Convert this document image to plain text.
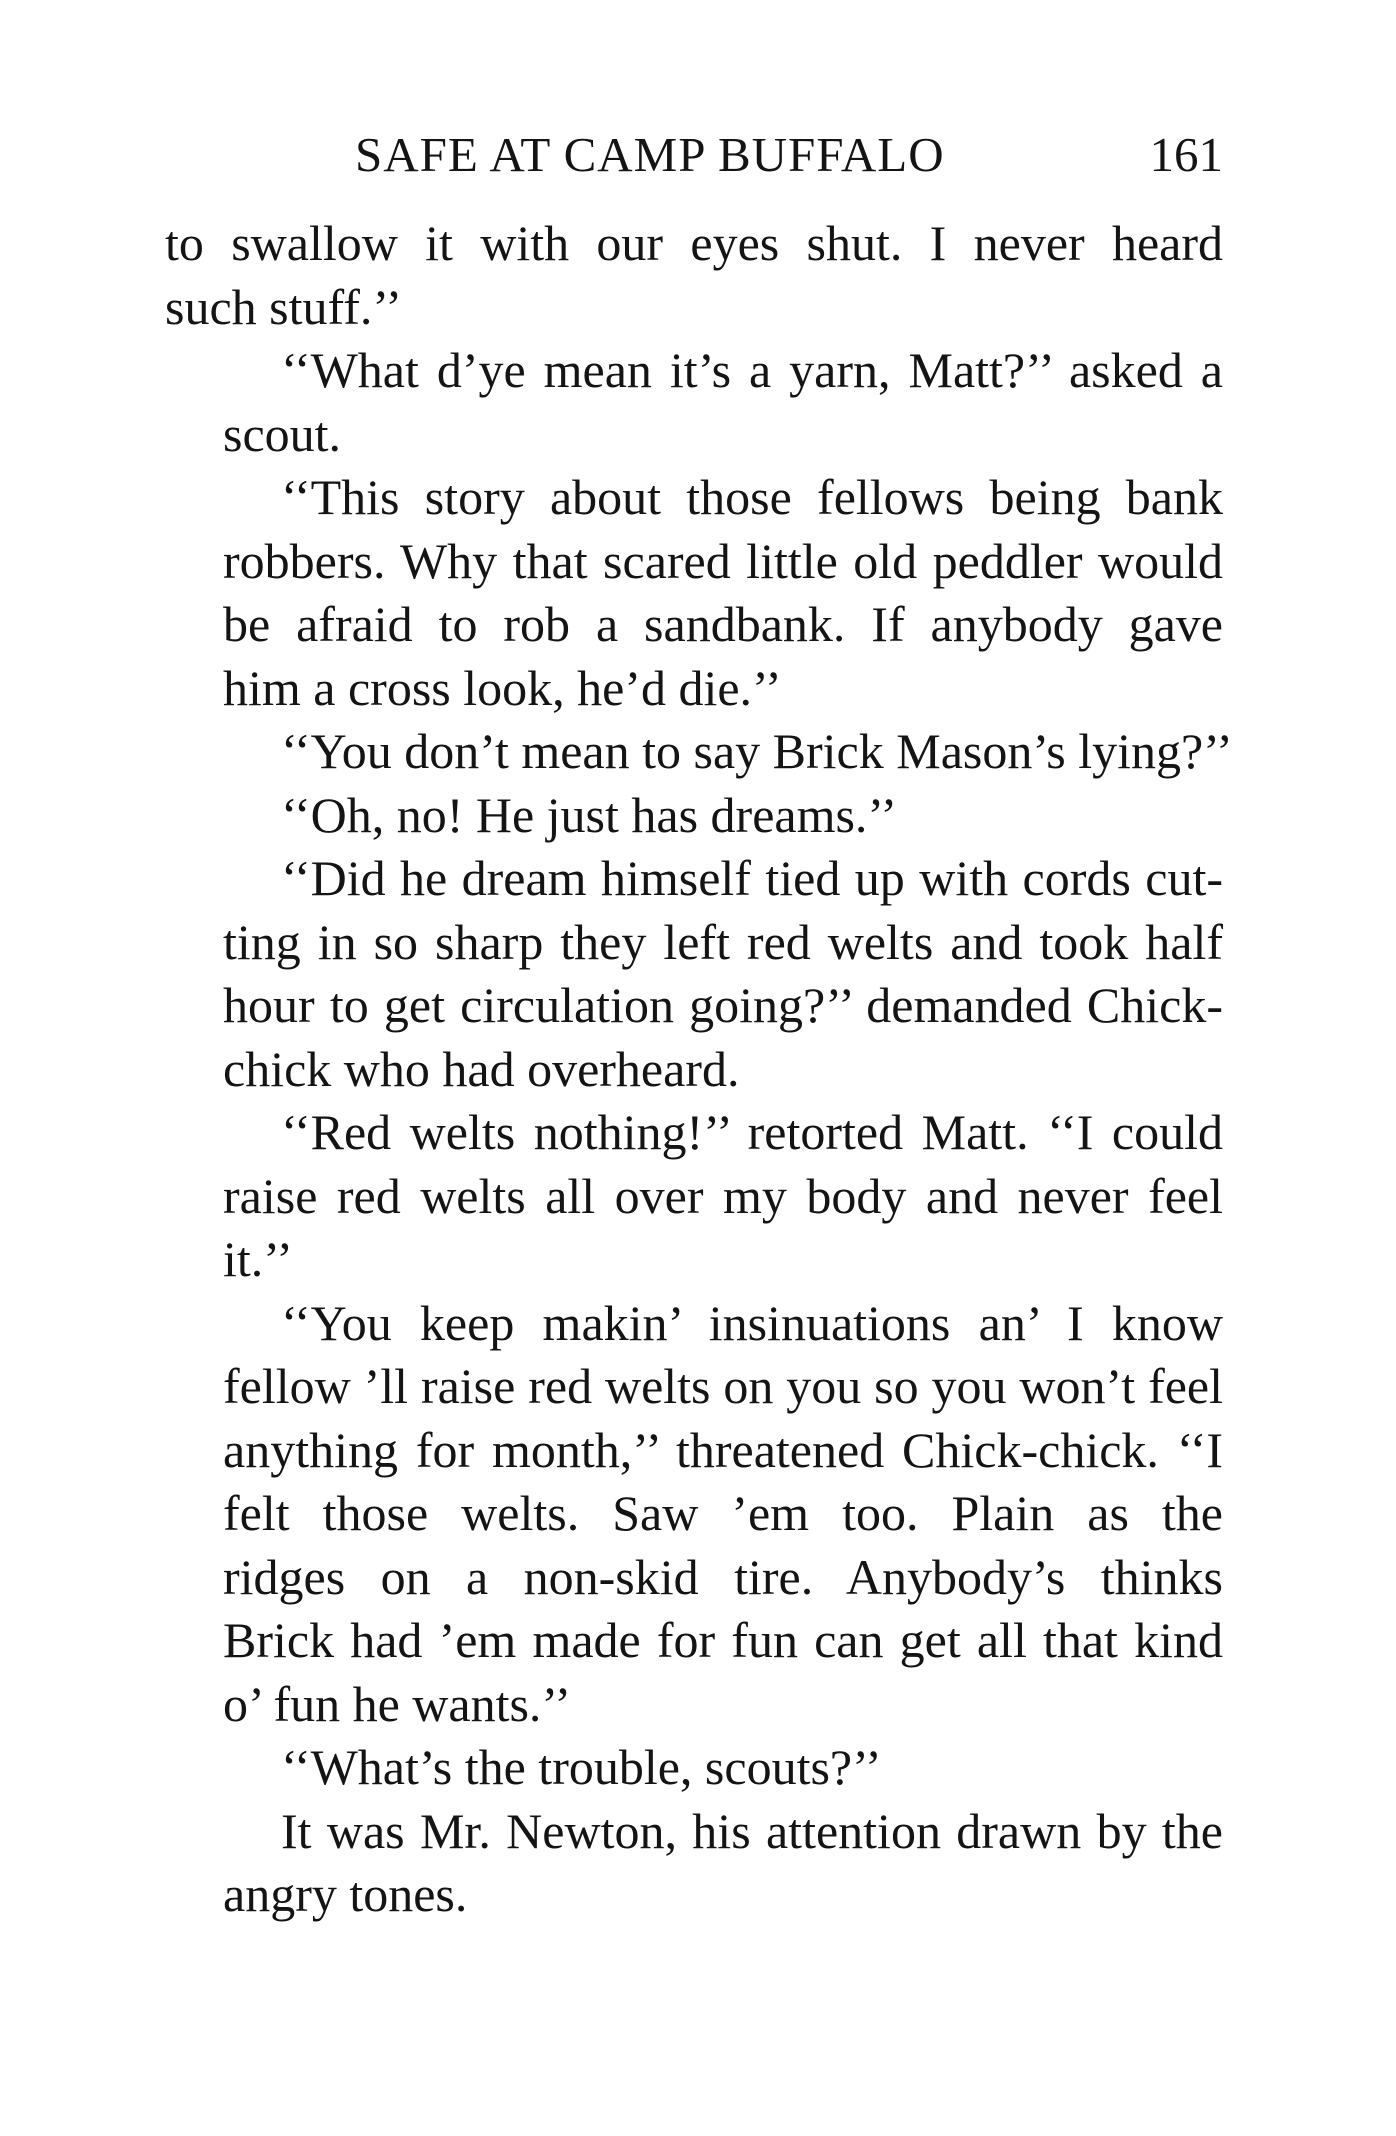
SAFE AT CAMP BUFFALO	161
to swallow it with our eyes shut. I never heard
such stuff.’’
‘‘What d’ye mean it’s a yarn, Matt?’’ asked a
scout.
‘‘This story about those fellows being bank
robbers. Why that scared little old peddler would
be afraid to rob a sandbank. If anybody gave
him a cross look, he’d die.’’
‘‘You don’t mean to say Brick Mason’s lying?’’
‘‘Oh, no! He just has dreams.’’
‘‘Did he dream himself tied up with cords cut-
ting in so sharp they left red welts and took half
hour to get circulation going?’’ demanded Chick-
chick who had overheard.
‘‘Red welts nothing!’’ retorted Matt. ‘‘I could
raise red welts all over my body and never feel
it.’’
‘‘You keep makin’ insinuations an’ I know
fellow ’ll raise red welts on you so you won’t feel
anything for month,’’ threatened Chick-chick. ‘‘I
felt those welts. Saw ’em too. Plain as the
ridges on a non-skid tire. Anybody’s thinks
Brick had ’em made for fun can get all that kind
o’ fun he wants.’’
‘‘What’s the trouble, scouts?’’
It was Mr. Newton, his attention drawn by the
angry tones.
